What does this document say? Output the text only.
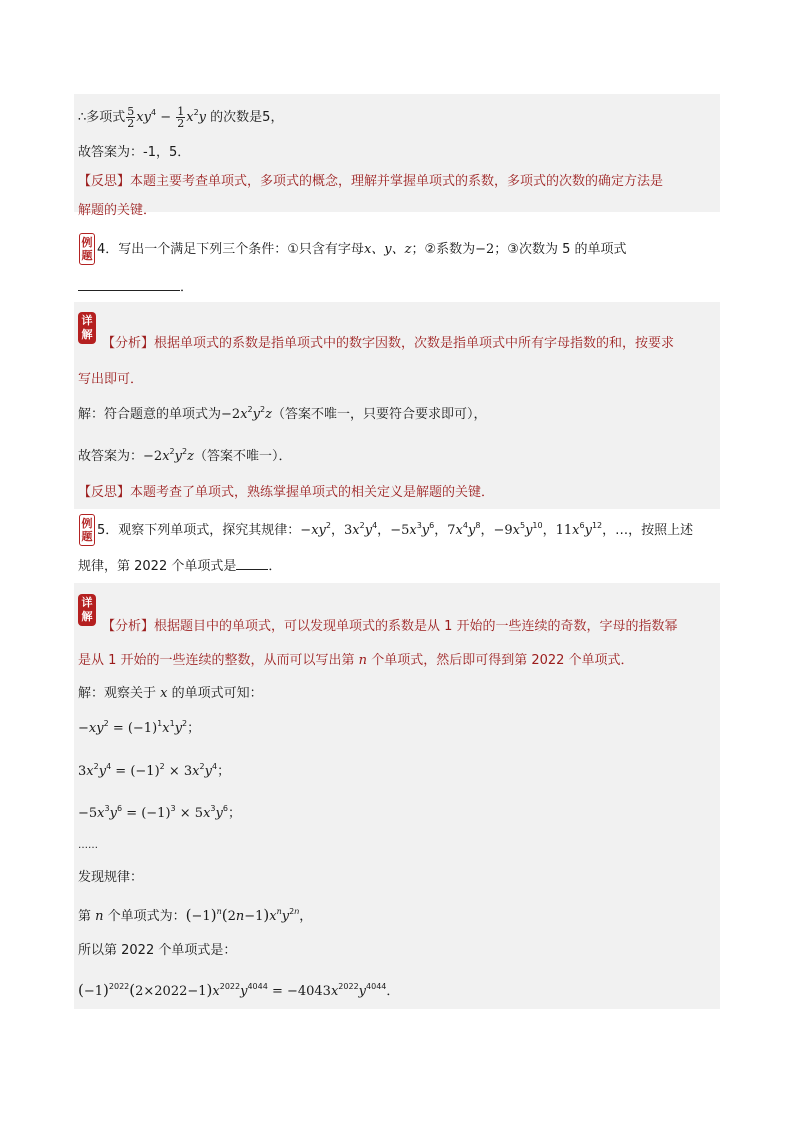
∴多项式 $\frac{5}{2} xy^4 - \frac{1}{2} x^2y$ 的次数是5，
故答案为：-1，5．
【反思】本题主要考查单项式，多项式的概念，理解并掌握单项式的系数，多项式的次数的确定方法是
解题的关键．
例题 4．写出一个满足下列三个条件：①只含有字母x、y、z；②系数为−2；③次数为 5 的单项式
．
详解
【分析】根据单项式的系数是指单项式中的数字因数，次数是指单项式中所有字母指数的和，按要求
写出即可．
解：符合题意的单项式为$-2x^2y^2z$（答案不唯一，只要符合要求即可），
故答案为：$-2x^2y^2z$（答案不唯一）．
【反思】本题考查了单项式，熟练掌握单项式的相关定义是解题的关键．
例题 5．观察下列单项式，探究其规律：$-xy^2$，$3x^2y^4$，$-5x^3y^6$，$7x^4y^8$，$-9x^5y^{10}$，$11x^6y^{12}$，…，按照上述
规律，第 2022 个单项式是 ．
详解
【分析】根据题目中的单项式，可以发现单项式的系数是从 1 开始的一些连续的奇数，字母的指数幂
是从 1 开始的一些连续的整数，从而可以写出第 n 个单项式，然后即可得到第 2022 个单项式．
解：观察关于 x 的单项式可知：
$-xy^2 = (-1)^1x^1y^2$；
$3x^2y^4 = (-1)^2 \times 3x^2y^4$；
$-5x^3y^6 = (-1)^3 \times 5x^3y^6$；
……
发现规律：
第 n 个单项式为：$(-1)^n(2n-1)x^ny^{2n}$，
所以第 2022 个单项式是：
$(-1)^{2022}(2\times 2022-1)x^{2022}y^{4044} = -4043x^{2022}y^{4044}$．
